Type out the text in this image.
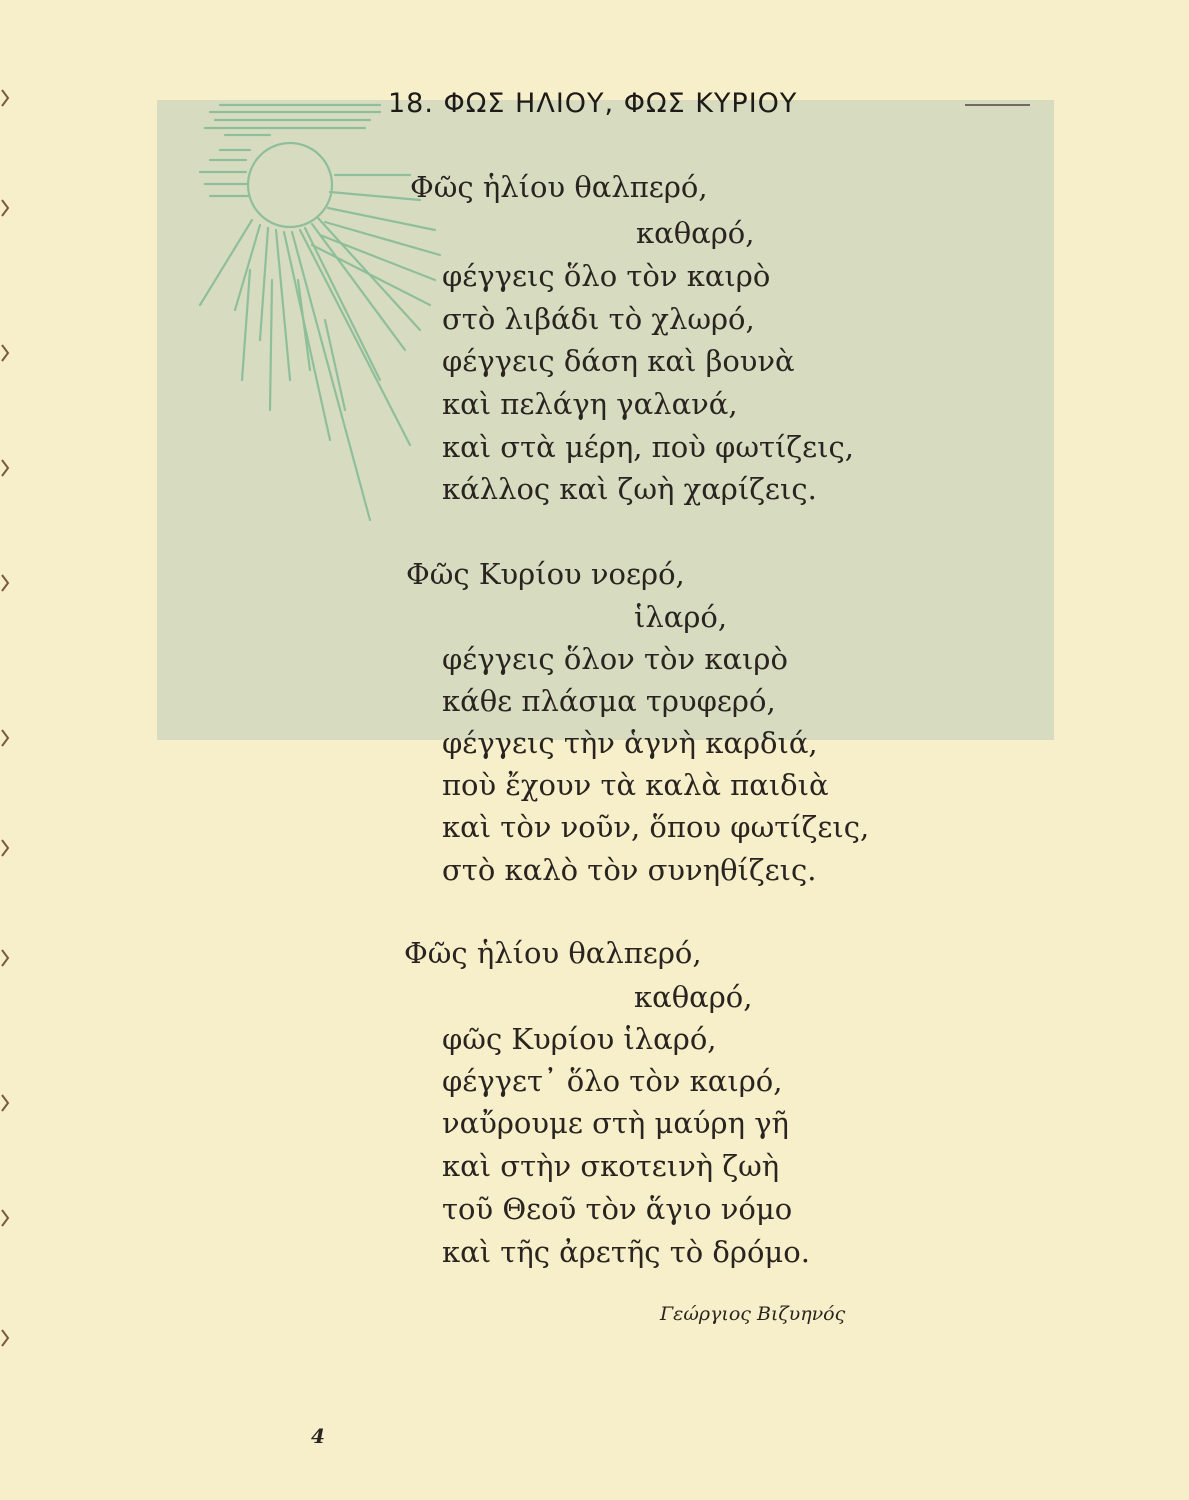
18. ΦΩΣ ΗΛΙΟΥ, ΦΩΣ ΚΥΡΙΟΥ
Φῶς ἡλίου θαλπερό,
καθαρό,
φέγγεις ὅλο τὸν καιρὸ
στὸ λιβάδι τὸ χλωρό,
φέγγεις δάση καὶ βουνὰ
καὶ πελάγη γαλανά,
καὶ στὰ μέρη, ποὺ φωτίζεις,
κάλλος καὶ ζωὴ χαρίζεις.
Φῶς Κυρίου νοερό,
ἱλαρό,
φέγγεις ὅλον τὸν καιρὸ
κάθε πλάσμα τρυφερό,
φέγγεις τὴν ἁγνὴ καρδιά,
ποὺ ἔχουν τὰ καλὰ παιδιὰ
καὶ τὸν νοῦν, ὅπου φωτίζεις,
στὸ καλὸ τὸν συνηθίζεις.
Φῶς ἡλίου θαλπερό,
καθαρό,
φῶς Κυρίου ἱλαρό,
φέγγετ᾽ ὅλο τὸν καιρό,
ναὔρουμε στὴ μαύρη γῆ
καὶ στὴν σκοτεινὴ ζωὴ
τοῦ Θεοῦ τὸν ἅγιο νόμο
καὶ τῆς ἀρετῆς τὸ δρόμο.
Γεώργιος Βιζυηνός
4
